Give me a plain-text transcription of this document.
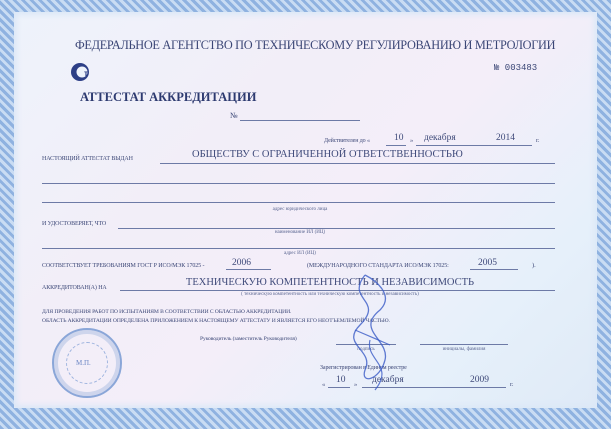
ФЕДЕРАЛЬНОЕ АГЕНТСТВО ПО ТЕХНИЧЕСКОМУ РЕГУЛИРОВАНИЮ И МЕТРОЛОГИИ
т
№ 003483
АТТЕСТАТ АККРЕДИТАЦИИ
№
Действителен до «	10 » декабря	2014	г.
НАСТОЯЩИЙ АТТЕСТАТ ВЫДАН	ОБЩЕСТВУ С ОГРАНИЧЕННОЙ ОТВЕТСТВЕННОСТЬЮ
адрес юридического лица
И УДОСТОВЕРЯЕТ, ЧТО
наименование ИЛ (ИЦ)
адрес ИЛ (ИЦ)
СООТВЕТСТВУЕТ ТРЕБОВАНИЯМ ГОСТ Р ИСО/МЭК 17025 -	2006	(МЕЖДУНАРОДНОГО СТАНДАРТА ИСО/МЭК 17025:	2005	).
АККРЕДИТОВАН(А) НА	ТЕХНИЧЕСКУЮ КОМПЕТЕНТНОСТЬ И НЕЗАВИСИМОСТЬ
( техническую компетентность или техническую компетентность и независимость)
ДЛЯ ПРОВЕДЕНИЯ РАБОТ ПО ИСПЫТАНИЯМ В СООТВЕТСТВИИ С ОБЛАСТЬЮ АККРЕДИТАЦИИ.
ОБЛАСТЬ АККРЕДИТАЦИИ ОПРЕДЕЛЕНА ПРИЛОЖЕНИЕМ К НАСТОЯЩЕМУ АТТЕСТАТУ И ЯВЛЯЕТСЯ ЕГО НЕОТЪЕМЛЕМОЙ ЧАСТЬЮ.
Руководитель (заместитель Руководителя)
подпись	инициалы, фамилия
Зарегистрирован в Едином реестре
« 10 » декабря	2009	г.
М.П.
